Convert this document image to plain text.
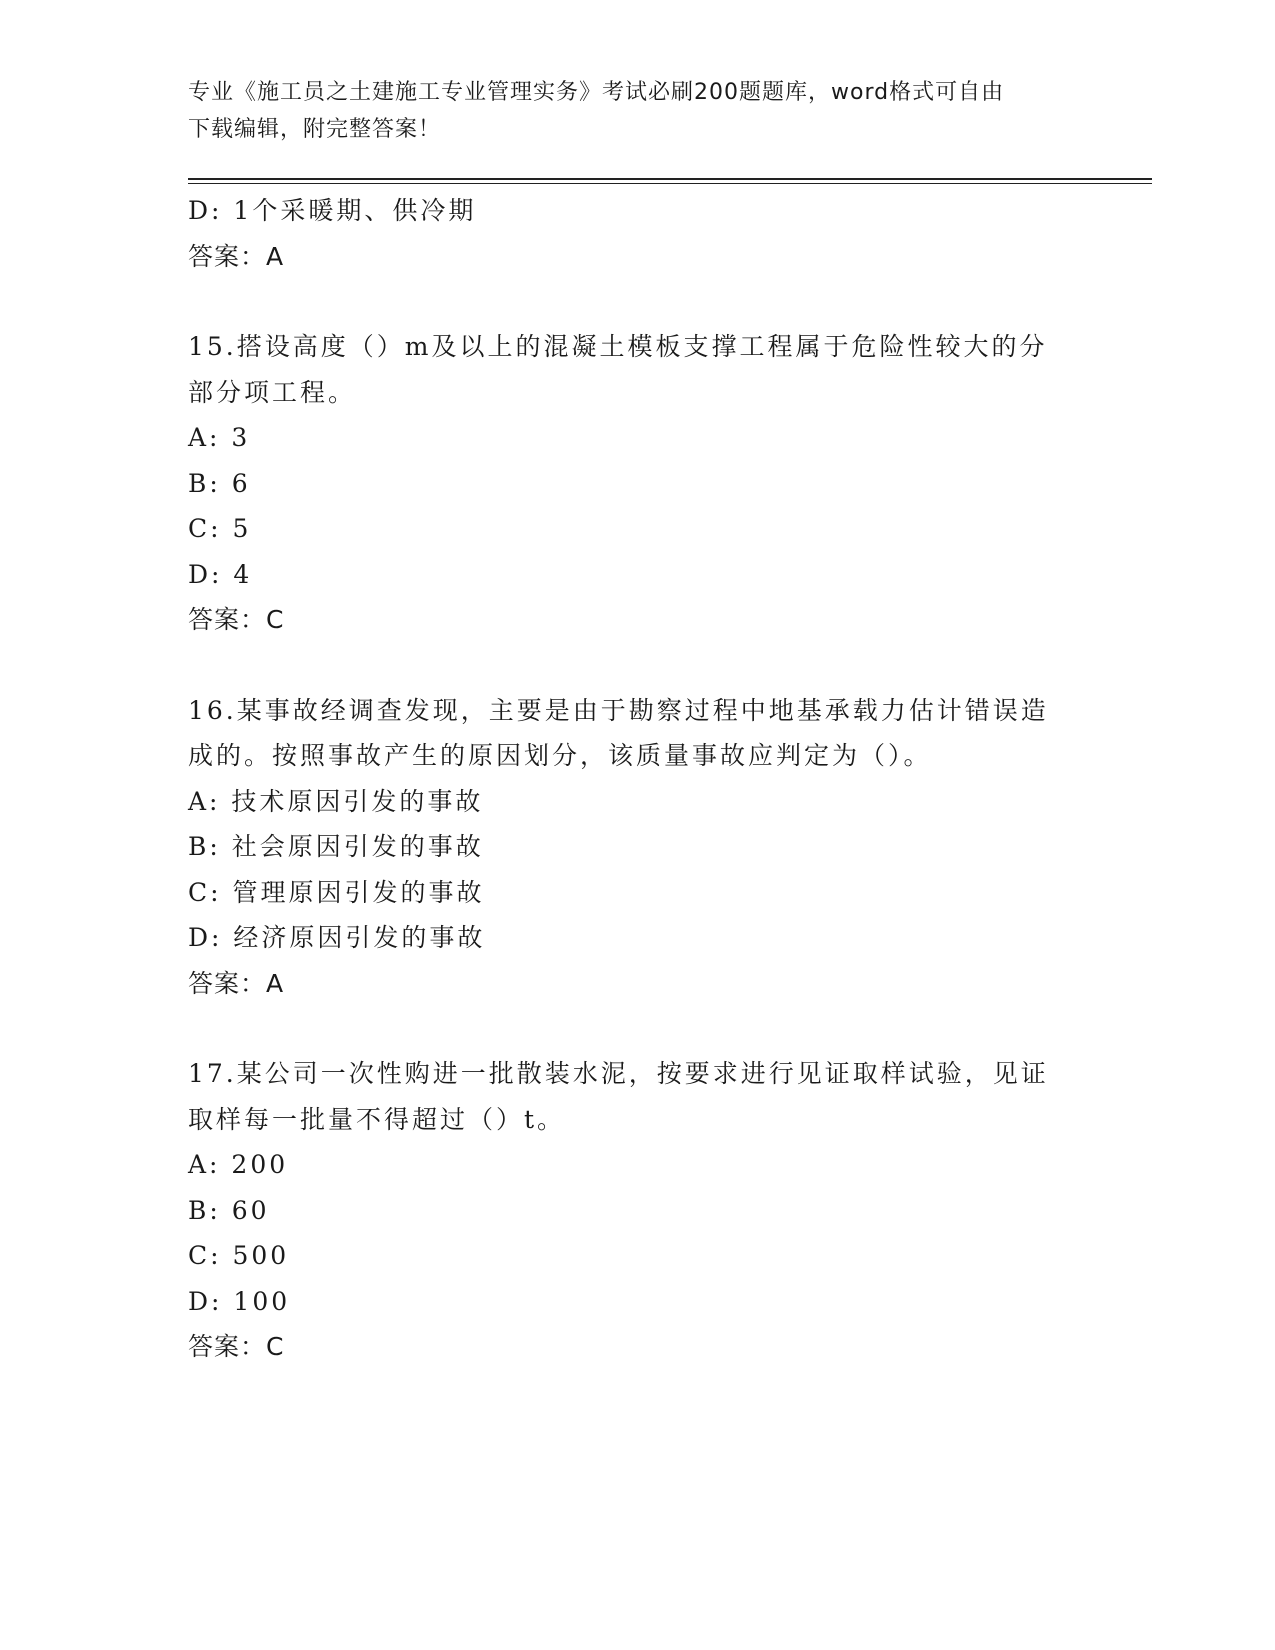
专业《施工员之土建施工专业管理实务》考试必刷200题题库，word格式可自由
下载编辑，附完整答案！
D: 1个采暖期、供冷期
答案：A
15.搭设高度（）m及以上的混凝土模板支撑工程属于危险性较大的分
部分项工程。
A: 3
B: 6
C: 5
D: 4
答案：C
16.某事故经调查发现，主要是由于勘察过程中地基承载力估计错误造
成的。按照事故产生的原因划分，该质量事故应判定为（）。
A: 技术原因引发的事故
B: 社会原因引发的事故
C: 管理原因引发的事故
D: 经济原因引发的事故
答案：A
17.某公司一次性购进一批散装水泥，按要求进行见证取样试验，见证
取样每一批量不得超过（）t。
A: 200
B: 60
C: 500
D: 100
答案：C
